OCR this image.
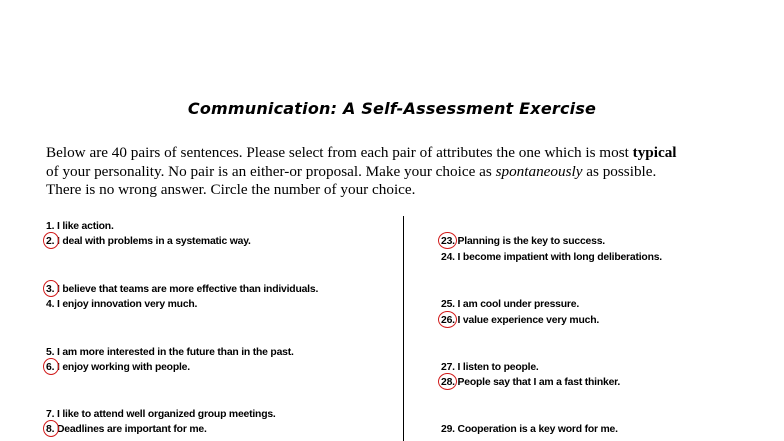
Communication: A Self-Assessment Exercise

Below are 40 pairs of sentences. Please select from each pair of attributes the one which is most typical

of your personality. No pair is an either-or proposal. Make your choice as spontaneously as possible.

There is no wrong answer. Circle the number of your choice.

1. I like action.
2. I deal with problems in a systematic way.
3. I believe that teams are more effective than individuals.
4. I enjoy innovation very much.
5. I am more interested in the future than in the past.
6. I enjoy working with people.
7. I like to attend well organized group meetings.
8. Deadlines are important for me.
23. Planning is the key to success.
24. I become impatient with long deliberations.
25. I am cool under pressure.
26. I value experience very much.
27. I listen to people.
28. People say that I am a fast thinker.
29. Cooperation is a key word for me.
